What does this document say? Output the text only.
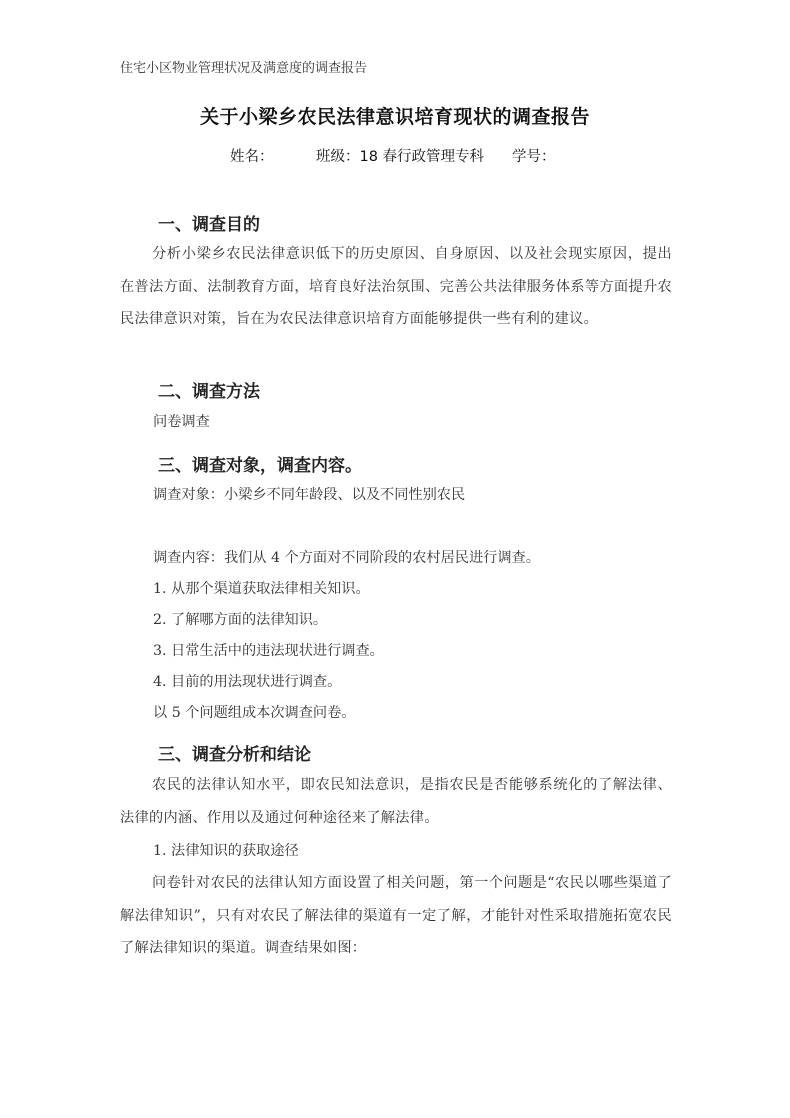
住宅小区物业管理状况及满意度的调查报告
关于小梁乡农民法律意识培育现状的调查报告
姓名：	班级：18 春行政管理专科 学号：
一、调查目的
分析小梁乡农民法律意识低下的历史原因、自身原因、以及社会现实原因，提出在普法方面、法制教育方面，培育良好法治氛围、完善公共法律服务体系等方面提升农民法律意识对策，旨在为农民法律意识培育方面能够提供一些有利的建议。
二、调查方法
问卷调查
三、调查对象，调查内容。
调查对象：小梁乡不同年龄段、以及不同性别农民
调查内容：我们从 4 个方面对不同阶段的农村居民进行调查。
1. 从那个渠道获取法律相关知识。
2. 了解哪方面的法律知识。
3. 日常生活中的违法现状进行调查。
4. 目前的用法现状进行调查。
以 5 个问题组成本次调查问卷。
三、调查分析和结论
农民的法律认知水平，即农民知法意识，是指农民是否能够系统化的了解法律、法律的内涵、作用以及通过何种途径来了解法律。
1. 法律知识的获取途径
问卷针对农民的法律认知方面设置了相关问题，第一个问题是“农民以哪些渠道了解法律知识”，只有对农民了解法律的渠道有一定了解，才能针对性采取措施拓宽农民了解法律知识的渠道。调查结果如图：
